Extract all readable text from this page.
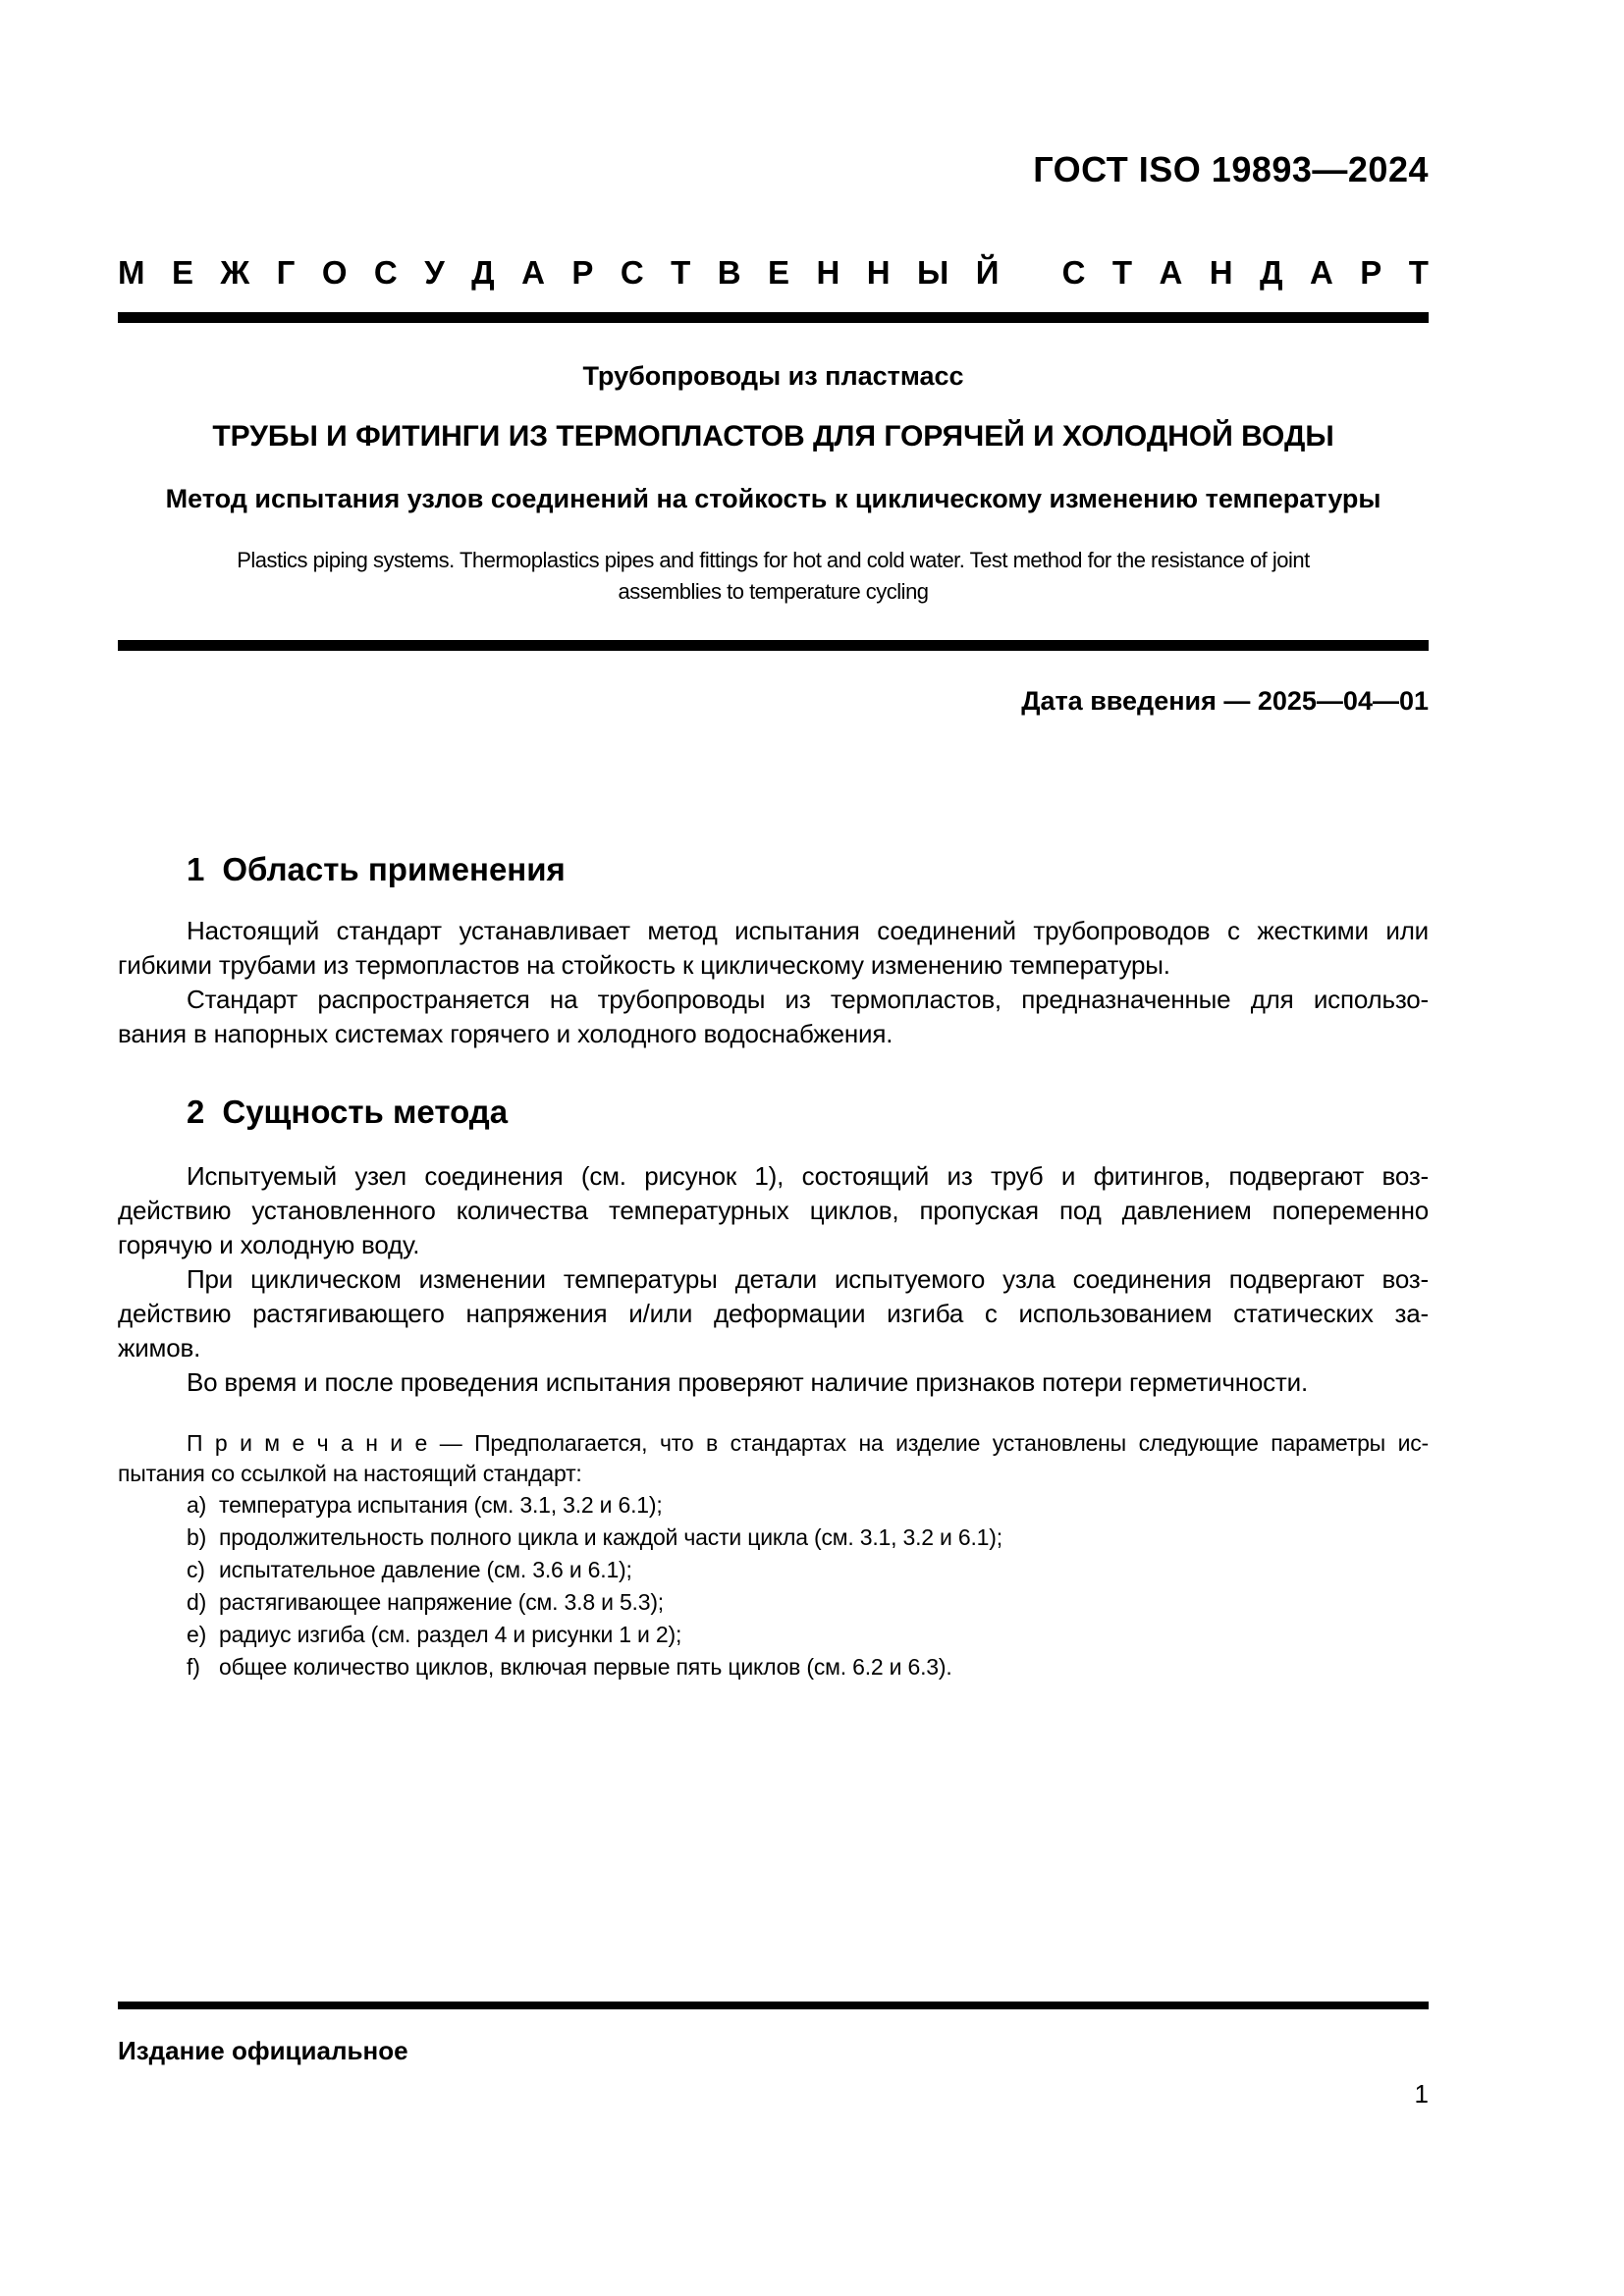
ГОСТ ISO 19893—2024
М Е Ж Г О С У Д А Р С Т В Е Н Н Ы Й
С Т А Н Д А Р Т
Трубопроводы из пластмасс
ТРУБЫ И ФИТИНГИ ИЗ ТЕРМОПЛАСТОВ ДЛЯ ГОРЯЧЕЙ И ХОЛОДНОЙ ВОДЫ
Метод испытания узлов соединений на стойкость к циклическому изменению температуры
Plastics piping systems. Thermoplastics pipes and fittings for hot and cold water. Test method for the resistance of joint
assemblies to temperature cycling
Дата введения — 2025—04—01
1 Область применения
Настоящий стандарт устанавливает метод испытания соединений трубопроводов с жесткими или
гибкими трубами из термопластов на стойкость к циклическому изменению температуры.
Стандарт распространяется на трубопроводы из термопластов, предназначенные для использо-
вания в напорных системах горячего и холодного водоснабжения.
2 Сущность метода
Испытуемый узел соединения (см. рисунок 1), состоящий из труб и фитингов, подвергают воз-
действию установленного количества температурных циклов, пропуская под давлением попеременно
горячую и холодную воду.
При циклическом изменении температуры детали испытуемого узла соединения подвергают воз-
действию растягивающего напряжения и/или деформации изгиба с использованием статических за-
жимов.
Во время и после проведения испытания проверяют наличие признаков потери герметичности.
П р и м е ч а н и е — Предполагается, что в стандартах на изделие установлены следующие параметры ис-
пытания со ссылкой на настоящий стандарт:
a) температура испытания (см. 3.1, 3.2 и 6.1);
b) продолжительность полного цикла и каждой части цикла (см. 3.1, 3.2 и 6.1);
c) испытательное давление (см. 3.6 и 6.1);
d) растягивающее напряжение (см. 3.8 и 5.3);
e) радиус изгиба (см. раздел 4 и рисунки 1 и 2);
f) общее количество циклов, включая первые пять циклов (см. 6.2 и 6.3).
Издание официальное
1
